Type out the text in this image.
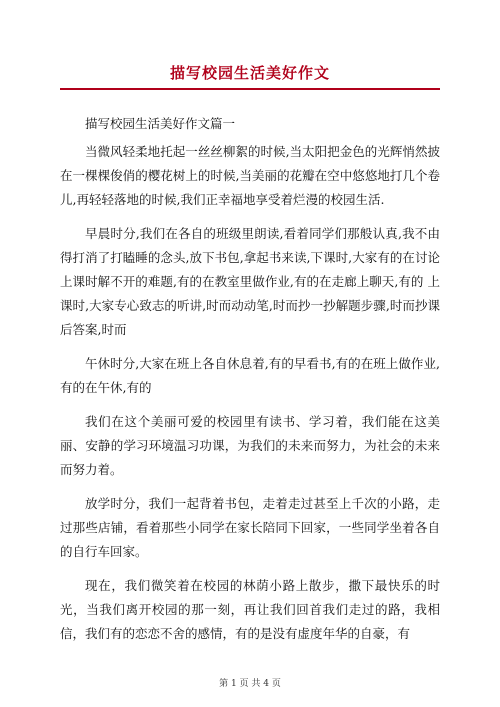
描写校园生活美好作文

描写校园生活美好作文篇一

当微风轻柔地托起一丝丝柳絮的时候,当太阳把金色的光辉悄然披在一棵棵俊俏的樱花树上的时候,当美丽的花瓣在空中悠悠地打几个卷儿,再轻轻落地的时候,我们正幸福地享受着烂漫的校园生活.

早晨时分,我们在各自的班级里朗读,看着同学们那般认真,我不由得打消了打瞌睡的念头,放下书包,拿起书来读,下课时,大家有的在讨论上课时解不开的难题,有的在教室里做作业,有的在走廊上聊天,有的 上课时,大家专心致志的听讲,时而动动笔,时而抄一抄解题步骤,时而抄课后答案,时而

午休时分,大家在班上各自休息着,有的早看书,有的在班上做作业,有的在午休,有的

我们在这个美丽可爱的校园里有读书、学习着，我们能在这美丽、安静的学习环境温习功课，为我们的未来而努力，为社会的未来而努力着。

放学时分，我们一起背着书包，走着走过甚至上千次的小路，走过那些店铺，看着那些小同学在家长陪同下回家，一些同学坐着各自的自行车回家。

现在，我们微笑着在校园的林荫小路上散步，撒下最快乐的时光，当我们离开校园的那一刻，再让我们回首我们走过的路，我相信，我们有的恋恋不舍的感情，有的是没有虚度年华的自豪，有

第 1 页 共 4 页
